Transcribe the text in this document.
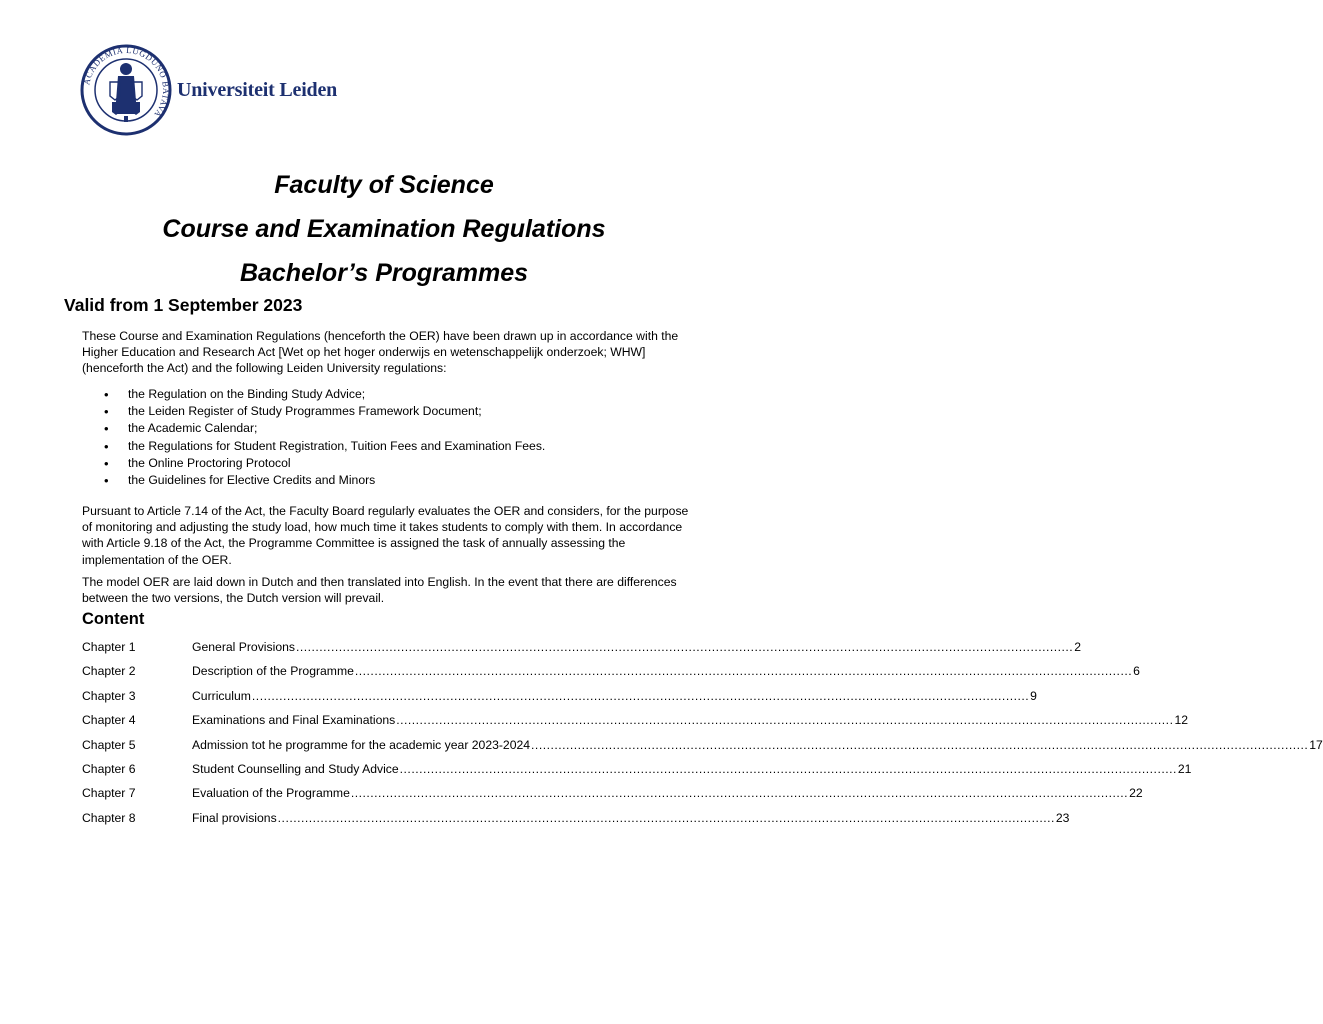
ACADEMIA LUGDUNO BATAVA
Universiteit Leiden
Faculty of Science
Course and Examination Regulations
Bachelor’s Programmes
Valid from 1 September 2023
These Course and Examination Regulations (henceforth the OER) have been drawn up in accordance with the Higher Education and Research Act [Wet op het hoger onderwijs en wetenschappelijk onderzoek; WHW] (henceforth the Act) and the following Leiden University regulations:
• the Regulation on the Binding Study Advice;
• the Leiden Register of Study Programmes Framework Document;
• the Academic Calendar;
• the Regulations for Student Registration, Tuition Fees and Examination Fees.
• the Online Proctoring Protocol
• the Guidelines for Elective Credits and Minors
Pursuant to Article 7.14 of the Act, the Faculty Board regularly evaluates the OER and considers, for the purpose of monitoring and adjusting the study load, how much time it takes students to comply with them. In accordance with Article 9.18 of the Act, the Programme Committee is assigned the task of annually assessing the implementation of the OER.
The model OER are laid down in Dutch and then translated into English. In the event that there are differences between the two versions, the Dutch version will prevail.
Content
Chapter 1	General Provisions ........................................................................................................................................................................................................ 2
Chapter 2	Description of the Programme ........................................................................................................................................................................................................ 6
Chapter 3	Curriculum ........................................................................................................................................................................................................ 9
Chapter 4	Examinations and Final Examinations ........................................................................................................................................................................................................ 12
Chapter 5	Admission tot he programme for the academic year 2023-2024 ........................................................................................................................................................................................................ 17
Chapter 6	Student Counselling and Study Advice ........................................................................................................................................................................................................ 21
Chapter 7	Evaluation of the Programme ........................................................................................................................................................................................................ 22
Chapter 8	Final provisions ........................................................................................................................................................................................................ 23
